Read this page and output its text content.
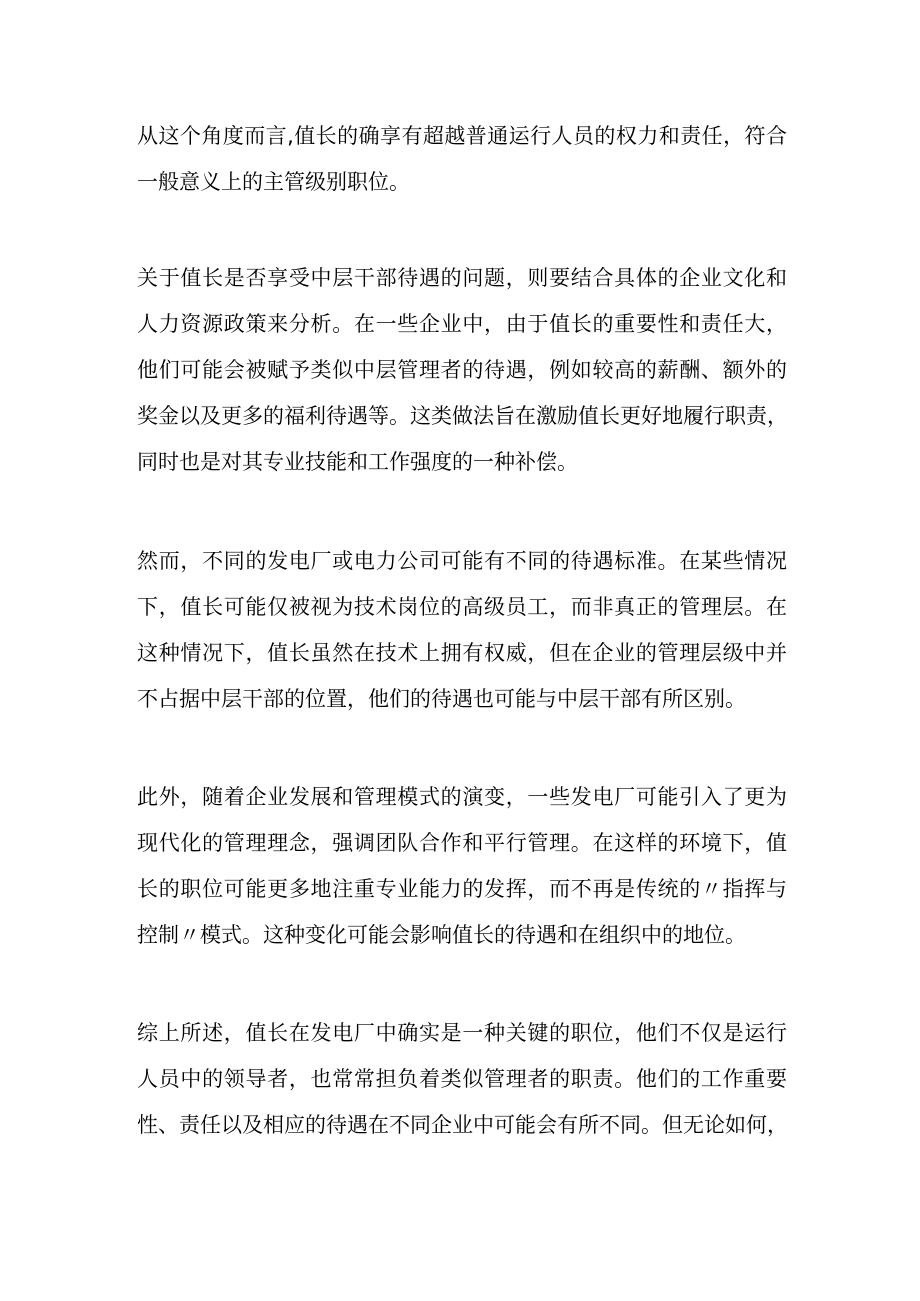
从这个角度而言,值长的确享有超越普通运行人员的权力和责任，符合
一般意义上的主管级别职位。
关于值长是否享受中层干部待遇的问题，则要结合具体的企业文化和
人力资源政策来分析。在一些企业中，由于值长的重要性和责任大，
他们可能会被赋予类似中层管理者的待遇，例如较高的薪酬、额外的
奖金以及更多的福利待遇等。这类做法旨在激励值长更好地履行职责，
同时也是对其专业技能和工作强度的一种补偿。
然而，不同的发电厂或电力公司可能有不同的待遇标准。在某些情况
下，值长可能仅被视为技术岗位的高级员工，而非真正的管理层。在
这种情况下，值长虽然在技术上拥有权威，但在企业的管理层级中并
不占据中层干部的位置，他们的待遇也可能与中层干部有所区别。
此外，随着企业发展和管理模式的演变，一些发电厂可能引入了更为
现代化的管理理念，强调团队合作和平行管理。在这样的环境下，值
长的职位可能更多地注重专业能力的发挥，而不再是传统的〃指挥与
控制〃模式。这种变化可能会影响值长的待遇和在组织中的地位。
综上所述，值长在发电厂中确实是一种关键的职位，他们不仅是运行
人员中的领导者，也常常担负着类似管理者的职责。他们的工作重要
性、责任以及相应的待遇在不同企业中可能会有所不同。但无论如何，
